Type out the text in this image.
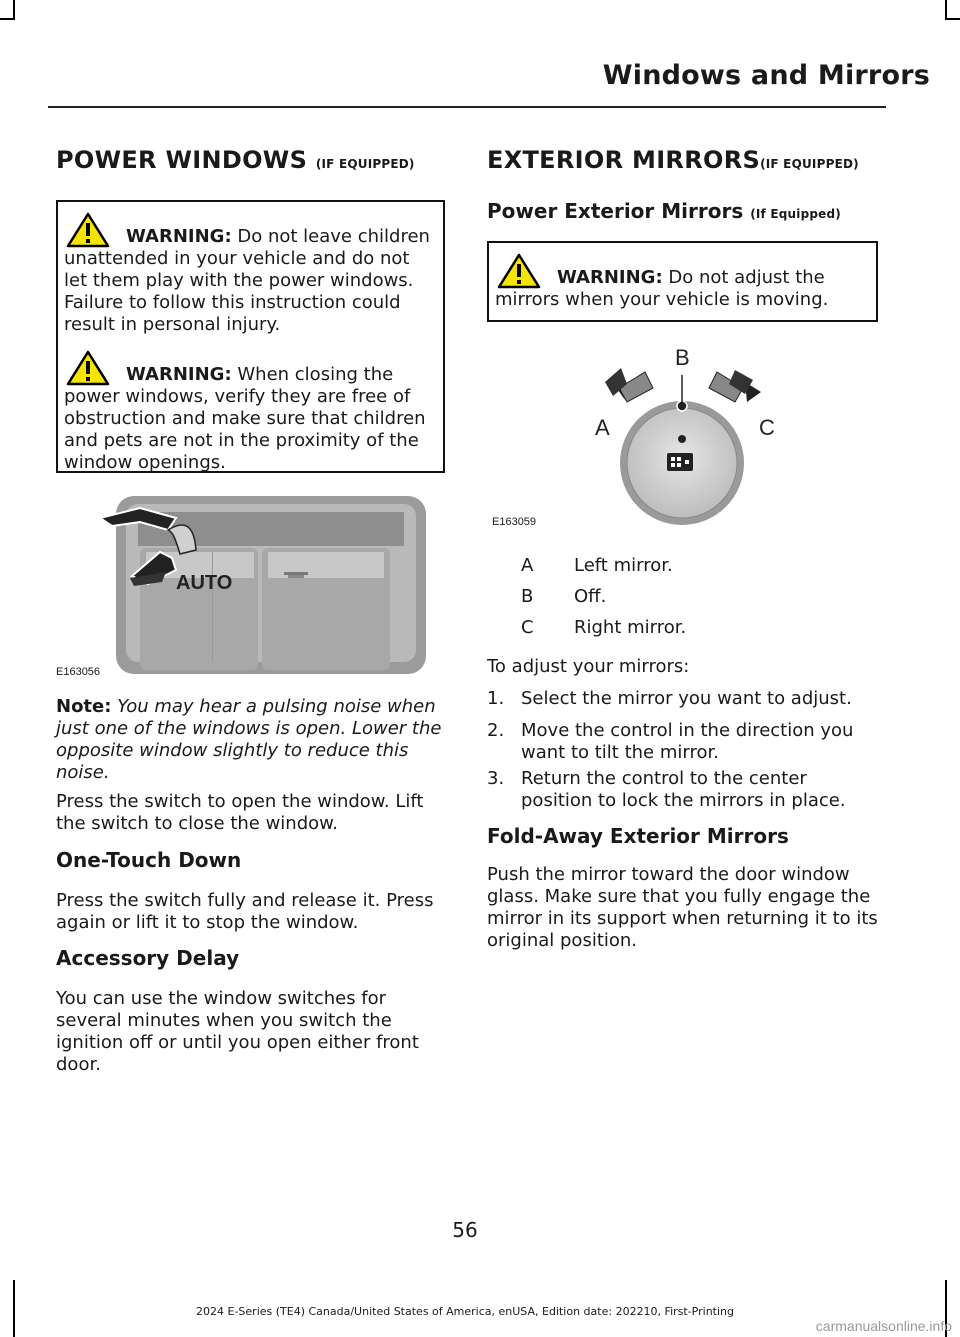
Windows and Mirrors
POWER WINDOWS (IF EQUIPPED)
WARNING: Do not leave children unattended in your vehicle and do not let them play with the power windows. Failure to follow this instruction could result in personal injury.
WARNING: When closing the power windows, verify they are free of obstruction and make sure that children and pets are not in the proximity of the window openings.
AUTO
E163056

Note: You may hear a pulsing noise when just one of the windows is open. Lower the opposite window slightly to reduce this noise.

Press the switch to open the window. Lift the switch to close the window.

One-Touch Down

Press the switch fully and release it. Press again or lift it to stop the window.

Accessory Delay

You can use the window switches for several minutes when you switch the ignition off or until you open either front door.

EXTERIOR MIRRORS(IF EQUIPPED)
Power Exterior Mirrors (If Equipped)
WARNING: Do not adjust the mirrors when your vehicle is moving.
A
B
C
E163059
A Left mirror.
B Off.
C Right mirror.

To adjust your mirrors:

1. Select the mirror you want to adjust.
2. Move the control in the direction you want to tilt the mirror.
3. Return the control to the center position to lock the mirrors in place.
Fold-Away Exterior Mirrors

Push the mirror toward the door window glass. Make sure that you fully engage the mirror in its support when returning it to its original position.

56
2024 E-Series (TE4) Canada/United States of America, enUSA, Edition date: 202210, First-Printing
carmanualsonline.info
